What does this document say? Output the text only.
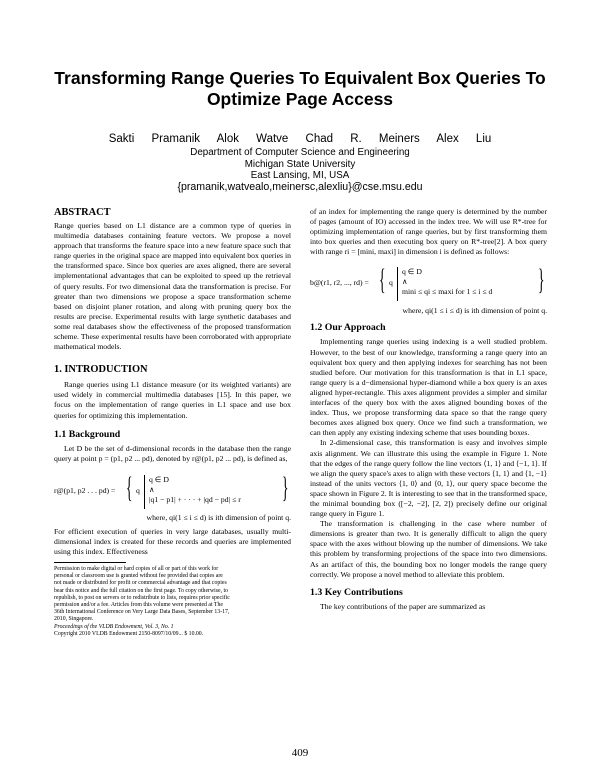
Transforming Range Queries To Equivalent Box Queries To
Optimize Page Access
Sakti Pramanik Alok Watve Chad R. Meiners Alex Liu
Department of Computer Science and Engineering
Michigan State University
East Lansing, MI, USA
{pramanik,watvealo,meinersc,alexliu}@cse.msu.edu
ABSTRACT
Range queries based on L1 distance are a common type of queries in multimedia databases containing feature vectors. We propose a novel approach that transforms the feature space into a new feature space such that range queries in the original space are mapped into equivalent box queries in the transformed space. Since box queries are axes aligned, there are several implementational advantages that can be exploited to speed up the retrieval of query results. For two dimensional data the transformation is precise. For greater than two dimensions we propose a space transformation scheme based on disjoint planer rotation, and along with pruning query box the results are precise. Experimental results with large synthetic databases and some real databases show the effectiveness of the proposed transformation scheme. These experimental results have been corroborated with appropriate mathematical models.
1. INTRODUCTION
Range queries using L1 distance measure (or its weighted variants) are used widely in commercial multimedia databases [15]. In this paper, we focus on the implementation of range queries in L1 space and use box queries for optimizing this implementation.
1.1 Background
Let D be the set of d-dimensional records in the database then the range query at point p = (p1, p2 ... pd), denoted by r@(p1, p2 ... pd), is defined as,
r@(p1, p2 . . . pd) = { q
q ∈ D
∧
|q1 − p1| + · · · + |qd − pd| ≤ r }
where, qi(1 ≤ i ≤ d) is ith dimension of point q.
For efficient execution of queries in very large databases, usually multi-dimensional index is created for these records and queries are implemented using this index. Effectiveness

Permission to make digital or hard copies of all or part of this work for

personal or classroom use is granted without fee provided that copies are

not made or distributed for profit or commercial advantage and that copies

bear this notice and the full citation on the first page. To copy otherwise, to

republish, to post on servers or to redistribute to lists, requires prior specific

permission and/or a fee. Articles from this volume were presented at The

36th International Conference on Very Large Data Bases, September 13-17,

2010, Singapore.

Proceedings of the VLDB Endowment, Vol. 3, No. 1

Copyright 2010 VLDB Endowment 2150-8097/10/09... $ 10.00.

of an index for implementing the range query is determined by the number of pages (amount of IO) accessed in the index tree. We will use R*-tree for optimizing implementation of range queries, but by first transforming them into box queries and then executing box query on R*-tree[2]. A box query with range ri = [mini, maxi] in dimension i is defined as follows:
b@(r1, r2, ..., rd) = { q
q ∈ D
∧
mini ≤ qi ≤ maxi for 1 ≤ i ≤ d }
where, qi(1 ≤ i ≤ d) is ith dimension of point q.
1.2 Our Approach
Implementing range queries using indexing is a well studied problem. However, to the best of our knowledge, transforming a range query into an equivalent box query and then applying indexes for searching has not been studied before. Our motivation for this transformation is that in L1 space, range query is a d−dimensional hyper-diamond while a box query is an axes aligned hyper-rectangle. This axes alignment provides a simpler and similar interfaces of the query box with the axes aligned bounding boxes of the index. Thus, we propose transforming data space so that the range query becomes axes aligned box query. Once we find such a transformation, we can then apply any existing indexing scheme that uses bounding boxes.
In 2-dimensional case, this transformation is easy and involves simple axis alignment. We can illustrate this using the example in Figure 1. Note that the edges of the range query follow the line vectors ⟨1, 1⟩ and ⟨−1, 1⟩. If we align the query space's axes to align with these vectors ⟨1, 1⟩ and ⟨1, −1⟩ instead of the units vectors ⟨1, 0⟩ and ⟨0, 1⟩, our query space become the space shown in Figure 2. It is interesting to see that in the transformed space, the minimal bounding box ([−2, −2], [2, 2]) precisely define our original range query in Figure 1.
The transformation is challenging in the case where number of dimensions is greater than two. It is generally difficult to align the query space with the axes without blowing up the number of dimensions. We take this problem by transforming projections of the space into two dimensions. As an artifact of this, the bounding box no longer models the range query correctly. We propose a novel method to alleviate this problem.
1.3 Key Contributions
The key contributions of the paper are summarized as
409
